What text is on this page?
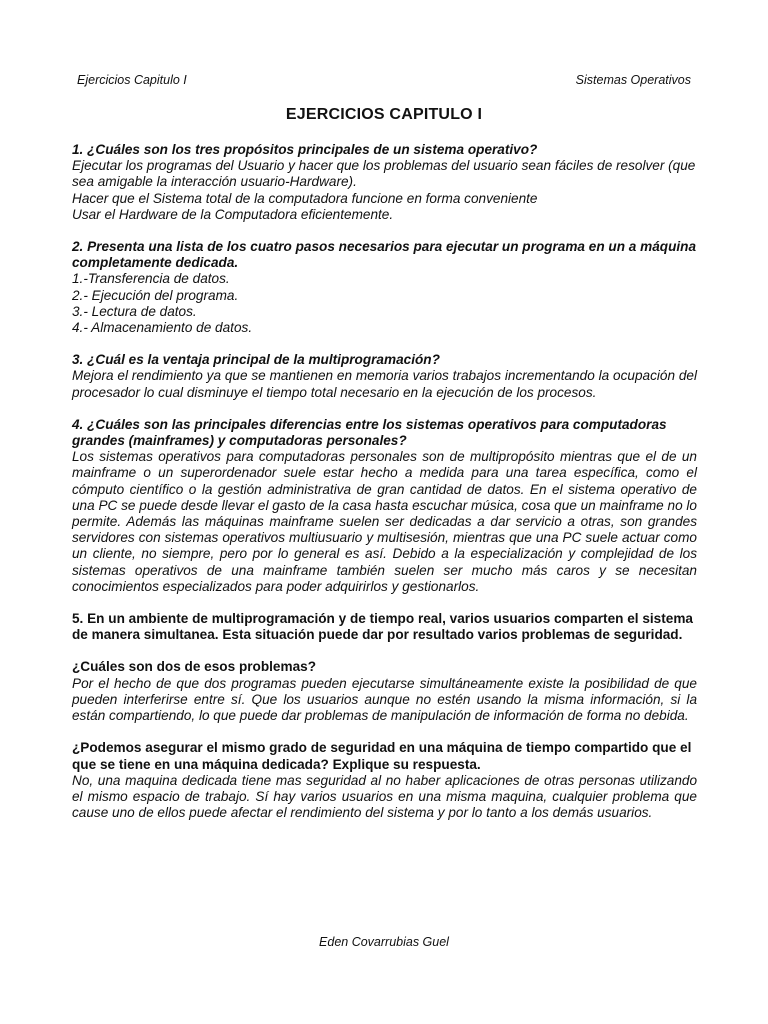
Ejercicios Capitulo I	Sistemas Operativos
EJERCICIOS CAPITULO I

1. ¿Cuáles son los tres propósitos principales de un sistema operativo?

Ejecutar los programas del Usuario y hacer que los problemas del usuario sean fáciles de resolver (que sea amigable la interacción usuario-Hardware).

Hacer que el Sistema total de la computadora funcione en forma conveniente

Usar el Hardware de la Computadora eficientemente.

2. Presenta una lista de los cuatro pasos necesarios para ejecutar un programa en un a máquina completamente dedicada.

1.-Transferencia de datos.

2.- Ejecución del programa.

3.- Lectura de datos.

4.- Almacenamiento de datos.

3. ¿Cuál es la ventaja principal de la multiprogramación?

Mejora el rendimiento ya que se mantienen en memoria varios trabajos incrementando la ocupación del procesador lo cual disminuye el tiempo total necesario en la ejecución de los procesos.

4. ¿Cuáles son las principales diferencias entre los sistemas operativos para computadoras grandes (mainframes) y computadoras personales?

Los sistemas operativos para computadoras personales son de multipropósito mientras que el de un mainframe o un superordenador suele estar hecho a medida para una tarea específica, como el cómputo científico o la gestión administrativa de gran cantidad de datos. En el sistema operativo de una PC se puede desde llevar el gasto de la casa hasta escuchar música, cosa que un mainframe no lo permite. Además las máquinas mainframe suelen ser dedicadas a dar servicio a otras, son grandes servidores con sistemas operativos multiusuario y multisesión, mientras que una PC suele actuar como un cliente, no siempre, pero por lo general es así. Debido a la especialización y complejidad de los sistemas operativos de una mainframe también suelen ser mucho más caros y se necesitan conocimientos especializados para poder adquirirlos y gestionarlos.

5. En un ambiente de multiprogramación y de tiempo real, varios usuarios comparten el sistema de manera simultanea. Esta situación puede dar por resultado varios problemas de seguridad.

¿Cuáles son dos de esos problemas?

Por el hecho de que dos programas pueden ejecutarse simultáneamente existe la posibilidad de que pueden interferirse entre sí. Que los usuarios aunque no estén usando la misma información, si la están compartiendo, lo que puede dar problemas de manipulación de información de forma no debida.

¿Podemos asegurar el mismo grado de seguridad en una máquina de tiempo compartido que el que se tiene en una máquina dedicada? Explique su respuesta.

No, una maquina dedicada tiene mas seguridad al no haber aplicaciones de otras personas utilizando el mismo espacio de trabajo. Sí hay varios usuarios en una misma maquina, cualquier problema que cause uno de ellos puede afectar el rendimiento del sistema y por lo tanto a los demás usuarios.

Eden Covarrubias Guel
